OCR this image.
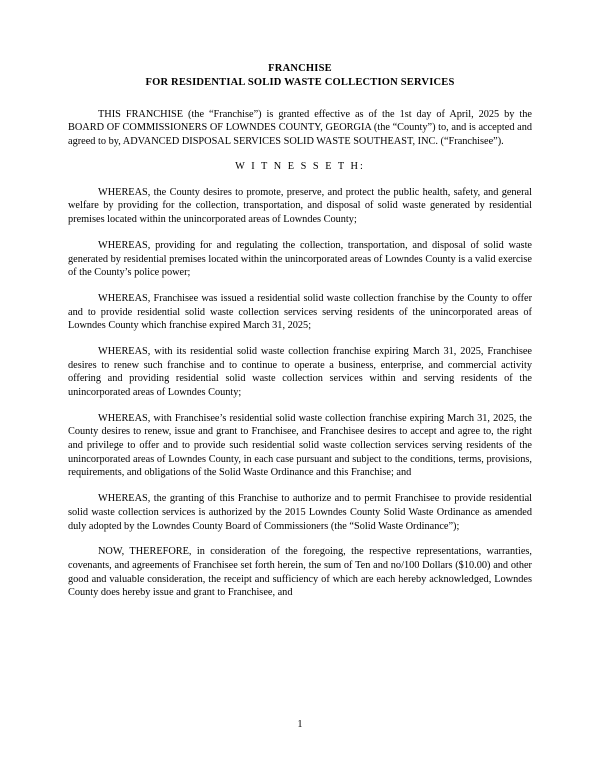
FRANCHISE
FOR RESIDENTIAL SOLID WASTE COLLECTION SERVICES

THIS FRANCHISE (the “Franchise”) is granted effective as of the 1st day of April, 2025 by the BOARD OF COMMISSIONERS OF LOWNDES COUNTY, GEORGIA (the “County”) to, and is accepted and agreed to by, ADVANCED DISPOSAL SERVICES SOLID WASTE SOUTHEAST, INC. (“Franchisee”).

W I T N E S S E T H:

WHEREAS, the County desires to promote, preserve, and protect the public health, safety, and general welfare by providing for the collection, transportation, and disposal of solid waste generated by residential premises located within the unincorporated areas of Lowndes County;

WHEREAS, providing for and regulating the collection, transportation, and disposal of solid waste generated by residential premises located within the unincorporated areas of Lowndes County is a valid exercise of the County’s police power;

WHEREAS, Franchisee was issued a residential solid waste collection franchise by the County to offer and to provide residential solid waste collection services serving residents of the unincorporated areas of Lowndes County which franchise expired March 31, 2025;

WHEREAS, with its residential solid waste collection franchise expiring March 31, 2025, Franchisee desires to renew such franchise and to continue to operate a business, enterprise, and commercial activity offering and providing residential solid waste collection services within and serving residents of the unincorporated areas of Lowndes County;

WHEREAS, with Franchisee’s residential solid waste collection franchise expiring March 31, 2025, the County desires to renew, issue and grant to Franchisee, and Franchisee desires to accept and agree to, the right and privilege to offer and to provide such residential solid waste collection services serving residents of the unincorporated areas of Lowndes County, in each case pursuant and subject to the conditions, terms, provisions, requirements, and obligations of the Solid Waste Ordinance and this Franchise; and

WHEREAS, the granting of this Franchise to authorize and to permit Franchisee to provide residential solid waste collection services is authorized by the 2015 Lowndes County Solid Waste Ordinance as amended duly adopted by the Lowndes County Board of Commissioners (the “Solid Waste Ordinance”);

NOW, THEREFORE, in consideration of the foregoing, the respective representations, warranties, covenants, and agreements of Franchisee set forth herein, the sum of Ten and no/100 Dollars ($10.00) and other good and valuable consideration, the receipt and sufficiency of which are each hereby acknowledged, Lowndes County does hereby issue and grant to Franchisee, and

1
